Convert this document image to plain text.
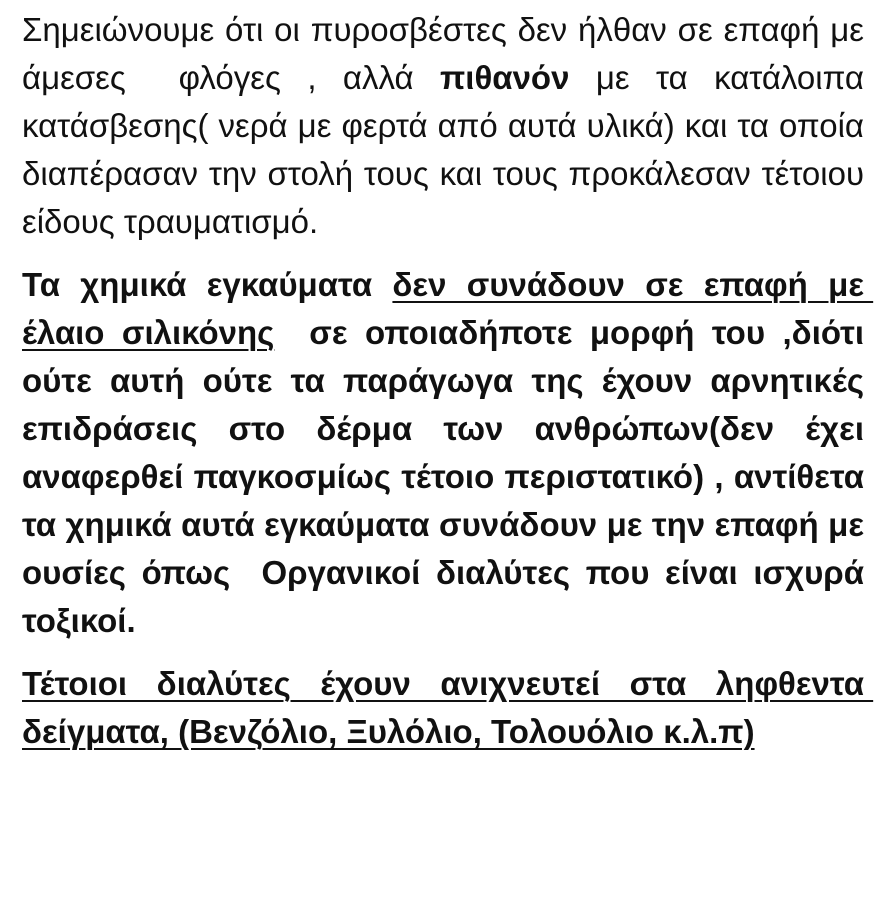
Σημειώνουμε ότι οι πυροσβέστες δεν ήλθαν σε επαφή με άμεσες  φλόγες , αλλά πιθανόν με τα κατάλοιπα κατάσβεσης( νερά με φερτά από αυτά υλικά) και τα οποία διαπέρασαν την στολή τους και τους προκάλεσαν τέτοιου είδους τραυματισμό.

Τα χημικά εγκαύματα δεν συνάδουν σε επαφή με έλαιο σιλικόνης  σε οποιαδήποτε μορφή του ,διότι ούτε αυτή ούτε τα παράγωγα της έχουν αρνητικές επιδράσεις στο δέρμα των ανθρώπων(δεν έχει αναφερθεί παγκοσμίως τέτοιο περιστατικό) , αντίθετα τα χημικά αυτά εγκαύματα συνάδουν με την επαφή με ουσίες όπως  Οργανικοί διαλύτες που είναι ισχυρά τοξικοί.

Τέτοιοι διαλύτες έχουν ανιχνευτεί στα ληφθεντα δείγματα, (Βενζόλιο, Ξυλόλιο, Τολουόλιο κ.λ.π)
